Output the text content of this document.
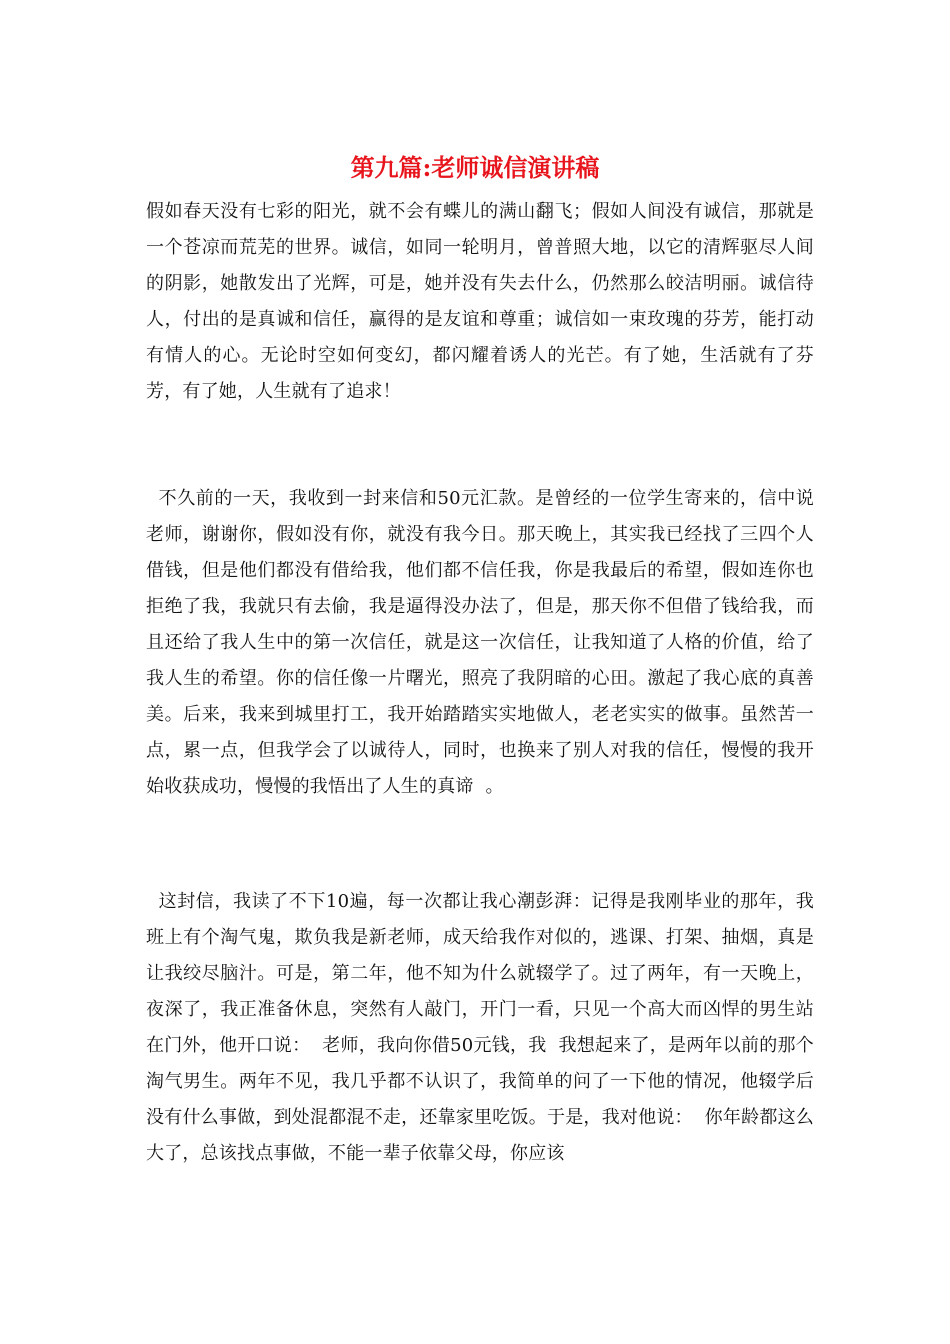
第九篇:老师诚信演讲稿
假如春天没有七彩的阳光，就不会有蝶儿的满山翻飞；假如人间没有诚信，那就是一个苍凉而荒芜的世界。诚信，如同一轮明月，曾普照大地，以它的清辉驱尽人间的阴影，她散发出了光辉，可是，她并没有失去什么，仍然那么皎洁明丽。诚信待人，付出的是真诚和信任，赢得的是友谊和尊重；诚信如一束玫瑰的芬芳，能打动有情人的心。无论时空如何变幻，都闪耀着诱人的光芒。有了她，生活就有了芬芳，有了她，人生就有了追求！
不久前的一天，我收到一封来信和50元汇款。是曾经的一位学生寄来的，信中说  老师，谢谢你，假如没有你，就没有我今日。那天晚上，其实我已经找了三四个人借钱，但是他们都没有借给我，他们都不信任我，你是我最后的希望，假如连你也拒绝了我，我就只有去偷，我是逼得没办法了，但是，那天你不但借了钱给我，而且还给了我人生中的第一次信任，就是这一次信任，让我知道了人格的价值，给了我人生的希望。你的信任像一片曙光，照亮了我阴暗的心田。激起了我心底的真善美。后来，我来到城里打工，我开始踏踏实实地做人，老老实实的做事。虽然苦一点，累一点，但我学会了以诚待人，同时，也换来了别人对我的信任，慢慢的我开始收获成功，慢慢的我悟出了人生的真谛  。
这封信，我读了不下10遍，每一次都让我心潮彭湃：记得是我刚毕业的那年，我班上有个淘气鬼，欺负我是新老师，成天给我作对似的，逃课、打架、抽烟，真是让我绞尽脑汁。可是，第二年，他不知为什么就辍学了。过了两年，有一天晚上，夜深了，我正准备休息，突然有人敲门，开门一看，只见一个高大而凶悍的男生站在门外，他开口说：  老师，我向你借50元钱，我  我想起来了，是两年以前的那个淘气男生。两年不见，我几乎都不认识了，我简单的问了一下他的情况，他辍学后没有什么事做，到处混都混不走，还靠家里吃饭。于是，我对他说：  你年龄都这么大了，总该找点事做，不能一辈子依靠父母，你应该
